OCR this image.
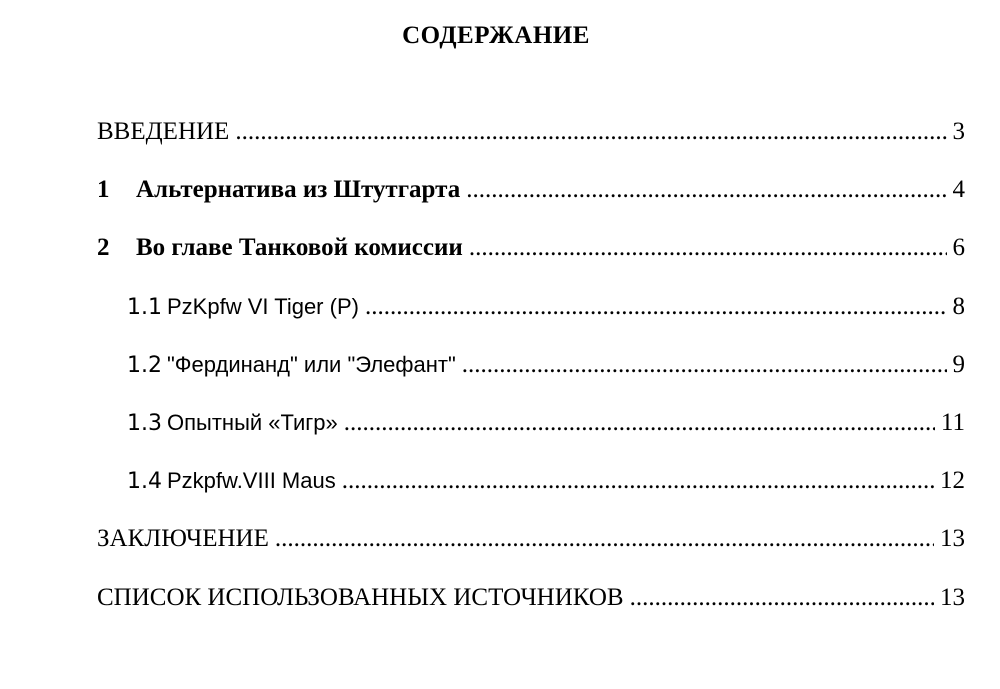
СОДЕРЖАНИЕ
ВВЕДЕНИЕ .....	3
1	Альтернатива из Штутгарта .....	4
2	Во главе Танковой комиссии .....	6
1.1 PzKpfw VI Tiger (P) .....	8
1.2 "Фердинанд" или "Элефант" .....	9
1.3 Опытный «Тигр» .....	11
1.4 Pzkpfw.VIII Maus .....	12
ЗАКЛЮЧЕНИЕ .....	13
СПИСОК ИСПОЛЬЗОВАННЫХ ИСТОЧНИКОВ .....	13
